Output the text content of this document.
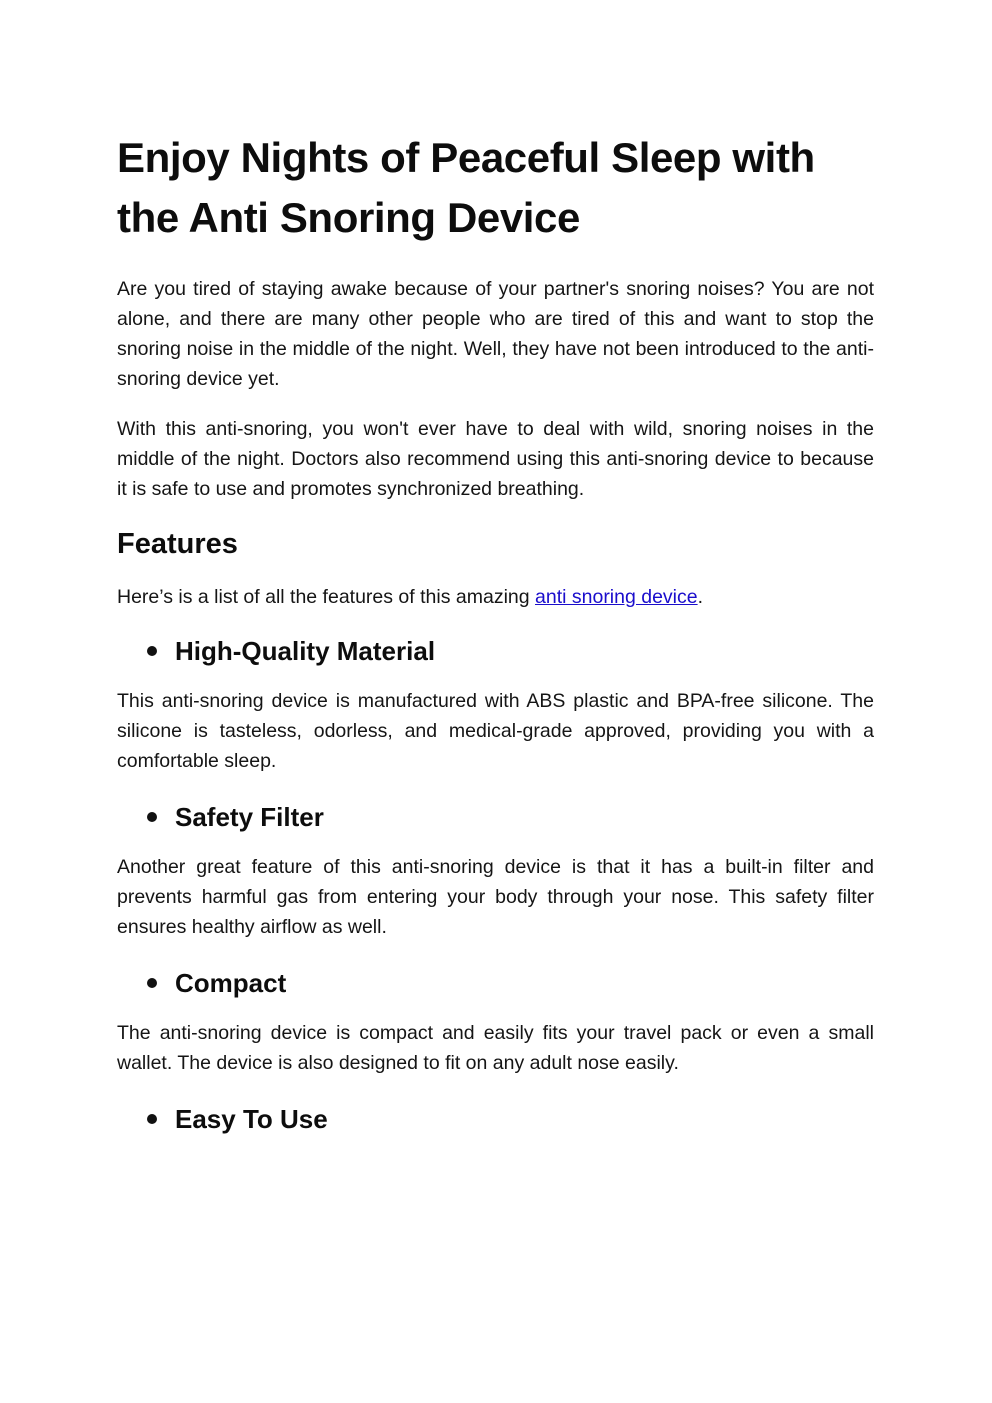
Enjoy Nights of Peaceful Sleep with the Anti Snoring Device

Are you tired of staying awake because of your partner's snoring noises? You are not alone, and there are many other people who are tired of this and want to stop the snoring noise in the middle of the night. Well, they have not been introduced to the anti-snoring device yet.

With this anti-snoring, you won't ever have to deal with wild, snoring noises in the middle of the night. Doctors also recommend using this anti-snoring device to because it is safe to use and promotes synchronized breathing.

Features

Here’s is a list of all the features of this amazing anti snoring device.

High-Quality Material

This anti-snoring device is manufactured with ABS plastic and BPA-free silicone. The silicone is tasteless, odorless, and medical-grade approved, providing you with a comfortable sleep.

Safety Filter

Another great feature of this anti-snoring device is that it has a built-in filter and prevents harmful gas from entering your body through your nose. This safety filter ensures healthy airflow as well.

Compact

The anti-snoring device is compact and easily fits your travel pack or even a small wallet. The device is also designed to fit on any adult nose easily.

Easy To Use
